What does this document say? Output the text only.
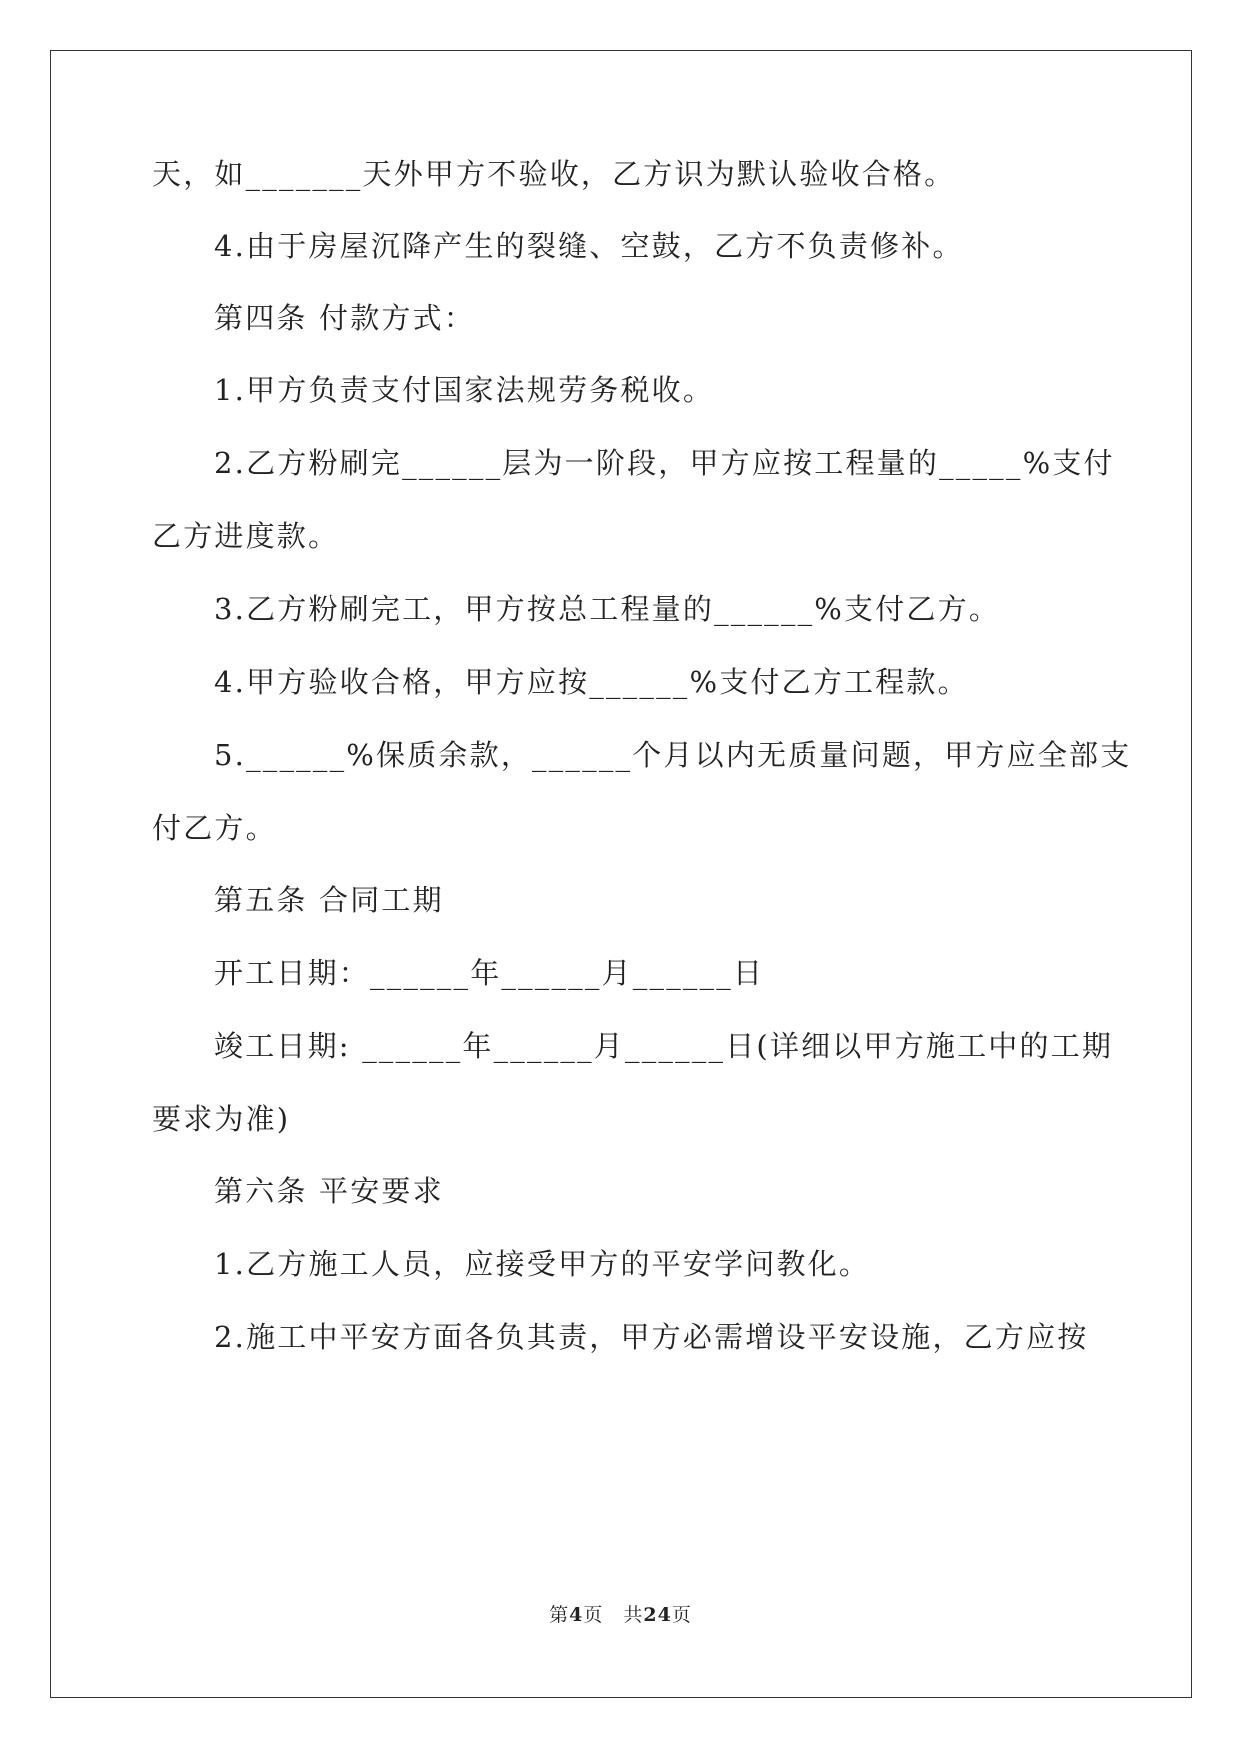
天，如_______天外甲方不验收，乙方识为默认验收合格。
4.由于房屋沉降产生的裂缝、空鼓，乙方不负责修补。
第四条 付款方式：
1.甲方负责支付国家法规劳务税收。
2.乙方粉刷完______层为一阶段，甲方应按工程量的_____%支付
乙方进度款。
3.乙方粉刷完工，甲方按总工程量的______%支付乙方。
4.甲方验收合格，甲方应按______%支付乙方工程款。
5.______%保质余款，______个月以内无质量问题，甲方应全部支
付乙方。
第五条 合同工期
开工日期：______年______月______日
竣工日期: ______年______月______日(详细以甲方施工中的工期
要求为准)
第六条 平安要求
1.乙方施工人员，应接受甲方的平安学问教化。
2.施工中平安方面各负其责，甲方必需增设平安设施，乙方应按
第4页　共24页
